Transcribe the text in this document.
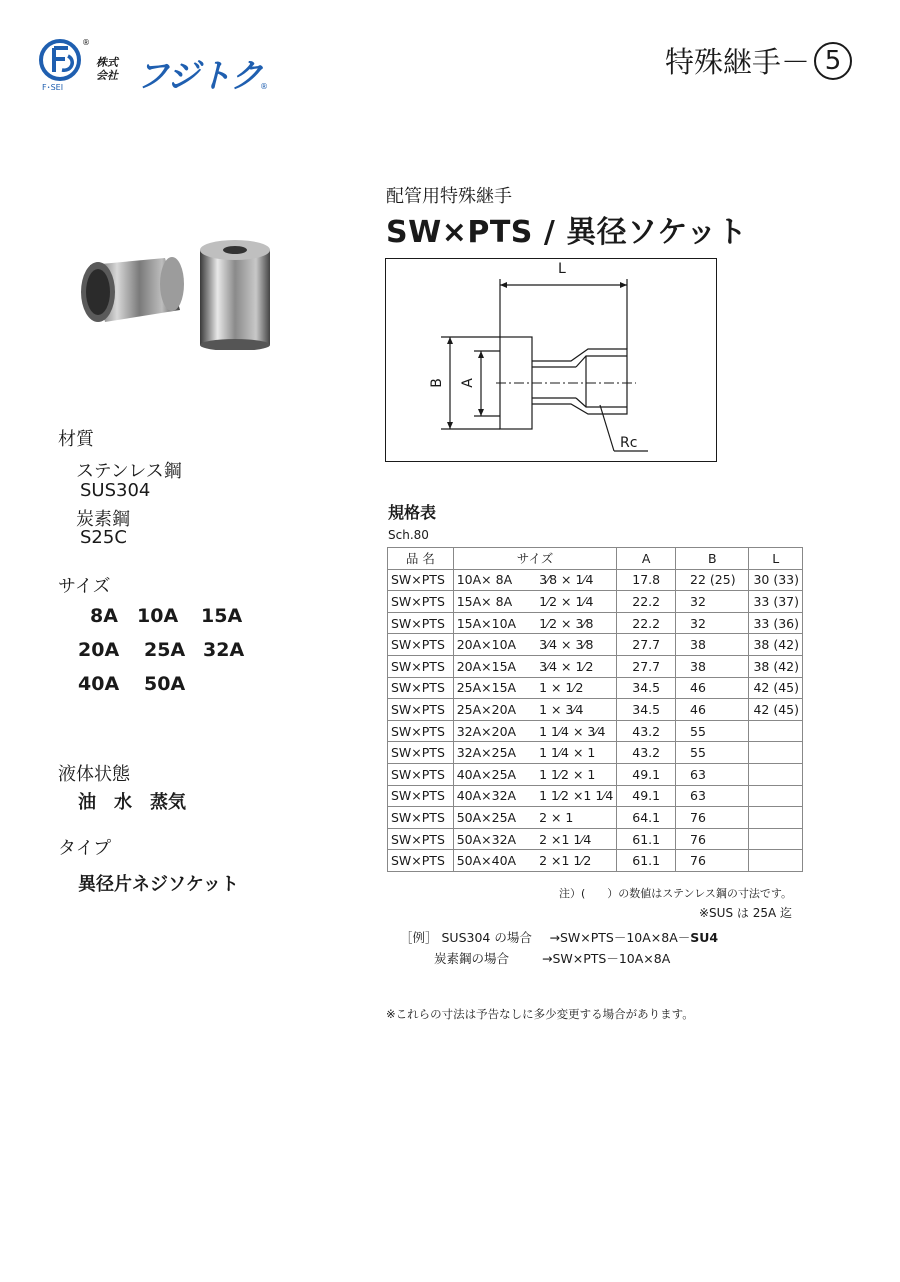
®
株式
会社 フジトク
®
F･SEI
特殊継手－ 5
材質
ステンレス鋼
SUS304
炭素鋼
S25C
サイズ
8A	10A	15A
20A	25A 32A
40A	50A
液体状態
油　水　蒸気
タイプ
異径片ネジソケット
配管用特殊継手
SW×PTS / 異径ソケット
L
B A
Rc
規格表
Sch.80
品 名	サイズ		A	B	L
SW×PTS	10A× 8A	3⁄8 × 1⁄4	17.8	22 (25)	30 (33)
SW×PTS	15A× 8A	1⁄2 × 1⁄4	22.2	32	33 (37)
SW×PTS	15A×10A	1⁄2 × 3⁄8	22.2	32	33 (36)
SW×PTS	20A×10A	3⁄4 × 3⁄8	27.7	38	38 (42)
SW×PTS	20A×15A	3⁄4 × 1⁄2	27.7	38	38 (42)
SW×PTS	25A×15A	1 × 1⁄2	34.5	46	42 (45)
SW×PTS	25A×20A	1 × 3⁄4	34.5	46	42 (45)
SW×PTS	32A×20A	1 1⁄4 × 3⁄4	43.2	55	
SW×PTS	32A×25A	1 1⁄4 × 1	43.2	55	
SW×PTS	40A×25A	1 1⁄2 × 1	49.1	63	
SW×PTS	40A×32A	1 1⁄2 ×1 1⁄4	49.1	63	
SW×PTS	50A×25A	2 × 1	64.1	76	
SW×PTS	50A×32A	2 ×1 1⁄4	61.1	76	
SW×PTS	50A×40A	2 ×1 1⁄2	61.1	76	
注）(　　）の数値はステンレス鋼の寸法です。
※SUS は 25A 迄
［例］ SUS304 の場合 →SW×PTS－10A×8A－SU4
炭素鋼の場合	→SW×PTS－10A×8A
※これらの寸法は予告なしに多少変更する場合があります。
